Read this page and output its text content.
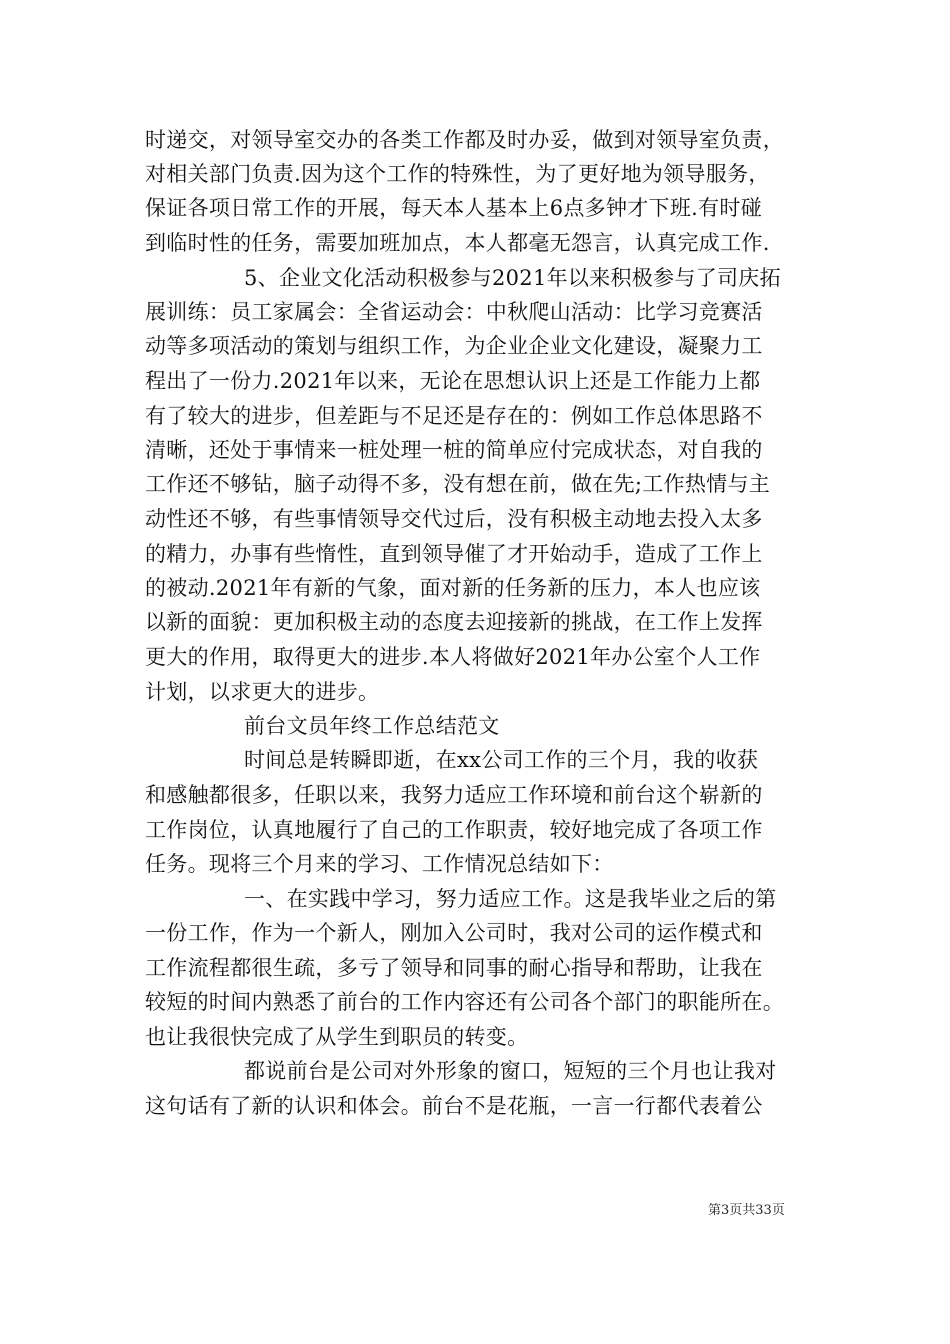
时递交，对领导室交办的各类工作都及时办妥，做到对领导室负责，
对相关部门负责.因为这个工作的特殊性，为了更好地为领导服务，
保证各项日常工作的开展，每天本人基本上6点多钟才下班.有时碰
到临时性的任务，需要加班加点，本人都毫无怨言，认真完成工作.
5、企业文化活动积极参与2021年以来积极参与了司庆拓
展训练：员工家属会：全省运动会：中秋爬山活动：比学习竞赛活
动等多项活动的策划与组织工作，为企业企业文化建设，凝聚力工
程出了一份力.2021年以来，无论在思想认识上还是工作能力上都
有了较大的进步，但差距与不足还是存在的：例如工作总体思路不
清晰，还处于事情来一桩处理一桩的简单应付完成状态，对自我的
工作还不够钻，脑子动得不多，没有想在前，做在先;工作热情与主
动性还不够，有些事情领导交代过后，没有积极主动地去投入太多
的精力，办事有些惰性，直到领导催了才开始动手，造成了工作上
的被动.2021年有新的气象，面对新的任务新的压力，本人也应该
以新的面貌：更加积极主动的态度去迎接新的挑战，在工作上发挥
更大的作用，取得更大的进步.本人将做好2021年办公室个人工作
计划，以求更大的进步。
前台文员年终工作总结范文
时间总是转瞬即逝，在xx公司工作的三个月，我的收获
和感触都很多，任职以来，我努力适应工作环境和前台这个崭新的
工作岗位，认真地履行了自己的工作职责，较好地完成了各项工作
任务。现将三个月来的学习、工作情况总结如下：
一、在实践中学习，努力适应工作。这是我毕业之后的第
一份工作，作为一个新人，刚加入公司时，我对公司的运作模式和
工作流程都很生疏，多亏了领导和同事的耐心指导和帮助，让我在
较短的时间内熟悉了前台的工作内容还有公司各个部门的职能所在。
也让我很快完成了从学生到职员的转变。
都说前台是公司对外形象的窗口，短短的三个月也让我对
这句话有了新的认识和体会。前台不是花瓶，一言一行都代表着公
第3页共33页
